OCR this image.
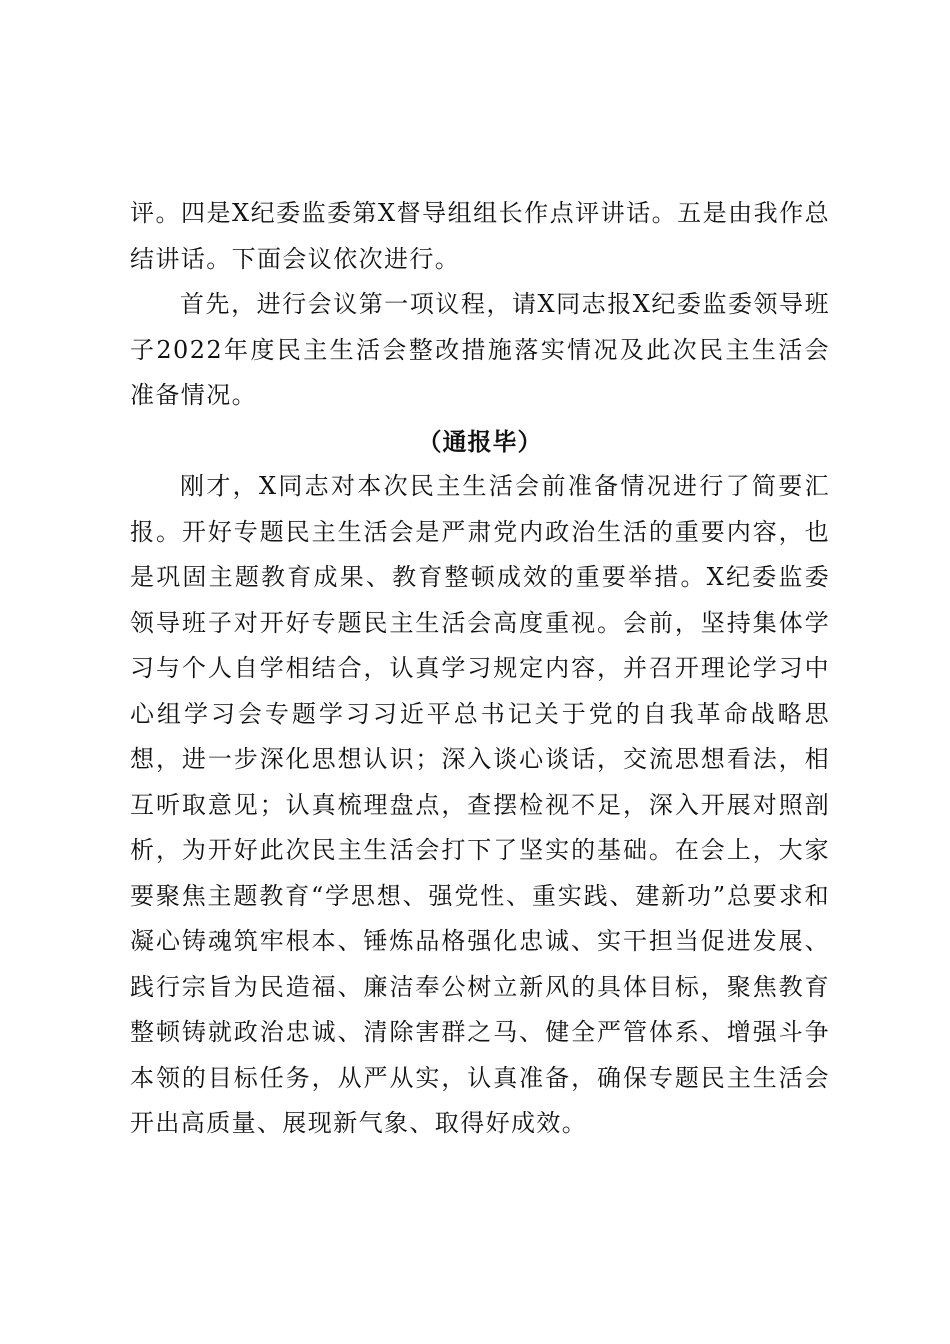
评。四是X纪委监委第X督导组组长作点评讲话。五是由我作总结讲话。下面会议依次进行。

首先，进行会议第一项议程，请X同志报X纪委监委领导班子2022年度民主生活会整改措施落实情况及此次民主生活会准备情况。

（通报毕）

刚才，X同志对本次民主生活会前准备情况进行了简要汇报。开好专题民主生活会是严肃党内政治生活的重要内容，也是巩固主题教育成果、教育整顿成效的重要举措。X纪委监委领导班子对开好专题民主生活会高度重视。会前，坚持集体学习与个人自学相结合，认真学习规定内容，并召开理论学习中心组学习会专题学习习近平总书记关于党的自我革命战略思想，进一步深化思想认识；深入谈心谈话，交流思想看法，相互听取意见；认真梳理盘点，查摆检视不足，深入开展对照剖析，为开好此次民主生活会打下了坚实的基础。在会上，大家要聚焦主题教育“学思想、强党性、重实践、建新功”总要求和凝心铸魂筑牢根本、锤炼品格强化忠诚、实干担当促进发展、践行宗旨为民造福、廉洁奉公树立新风的具体目标，聚焦教育整顿铸就政治忠诚、清除害群之马、健全严管体系、增强斗争本领的目标任务，从严从实，认真准备，确保专题民主生活会开出高质量、展现新气象、取得好成效。
